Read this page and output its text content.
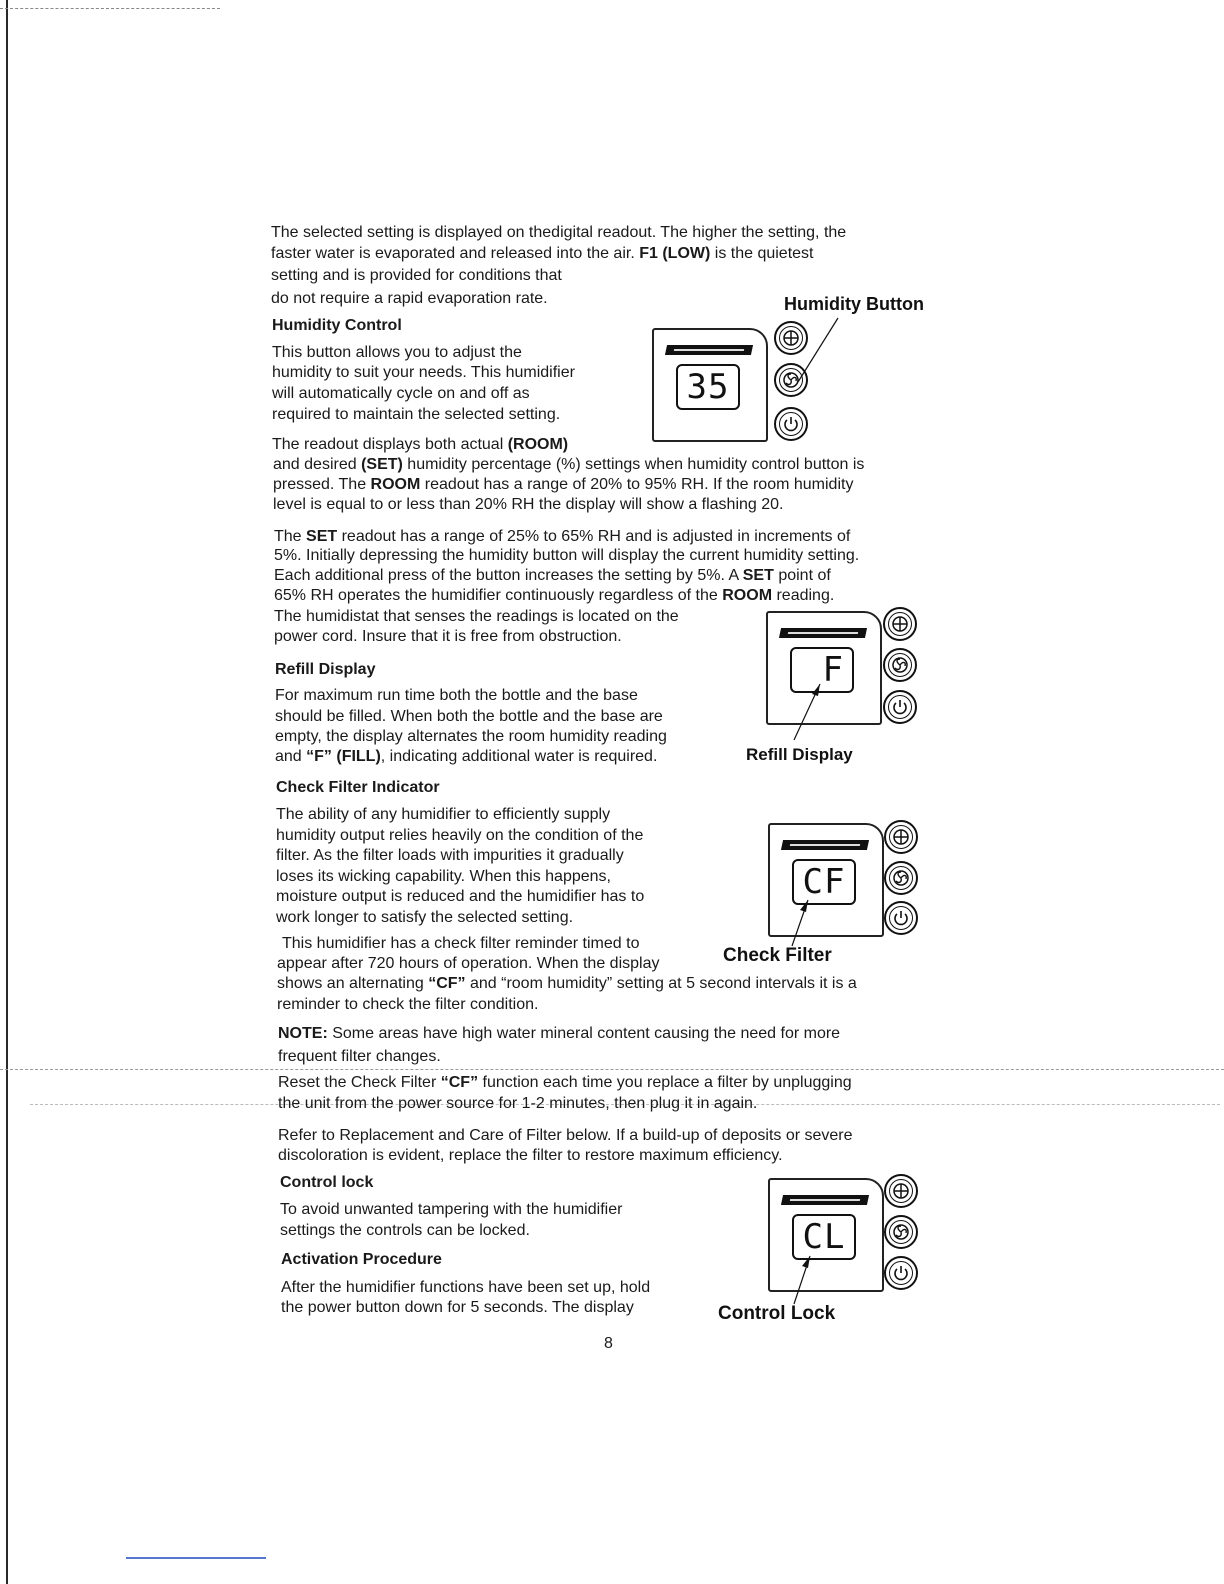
The selected setting is displayed on thedigital readout. The higher the setting, the

faster water is evaporated and released into the air. F1 (LOW) is the quietest

setting and is provided for conditions that

do not require a rapid evaporation rate.

Humidity Control

This button allows you to adjust the

humidity to suit your needs. This humidifier

will automatically cycle on and off as

required to maintain the selected setting.

The readout displays both actual (ROOM)

and desired (SET) humidity percentage (%) settings when humidity control button is

pressed. The ROOM readout has a range of 20% to 95% RH. If the room humidity

level is equal to or less than 20% RH the display will show a flashing 20.

The SET readout has a range of 25% to 65% RH and is adjusted in increments of

5%. Initially depressing the humidity button will display the current humidity setting.

Each additional press of the button increases the setting by 5%. A SET point of

65% RH operates the humidifier continuously regardless of the ROOM reading.

The humidistat that senses the readings is located on the

power cord. Insure that it is free from obstruction.

Refill Display

For maximum run time both the bottle and the base

should be filled. When both the bottle and the base are

empty, the display alternates the room humidity reading

and “F” (FILL), indicating additional water is required.

Check Filter Indicator

The ability of any humidifier to efficiently supply

humidity output relies heavily on the condition of the

filter. As the filter loads with impurities it gradually

loses its wicking capability. When this happens,

moisture output is reduced and the humidifier has to

work longer to satisfy the selected setting.

This humidifier has a check filter reminder timed to

appear after 720 hours of operation. When the display

shows an alternating “CF” and “room humidity” setting at 5 second intervals it is a

reminder to check the filter condition.

NOTE: Some areas have high water mineral content causing the need for more

frequent filter changes.

Reset the Check Filter “CF” function each time you replace a filter by unplugging

the unit from the power source for 1-2 minutes, then plug it in again.

Refer to Replacement and Care of Filter below. If a build-up of deposits or severe

discoloration is evident, replace the filter to restore maximum efficiency.

Control lock

To avoid unwanted tampering with the humidifier

settings the controls can be locked.

Activation Procedure

After the humidifier functions have been set up, hold

the power button down for 5 seconds. The display

8

Humidity Button

35
F

Refill Display

CF

Check Filter

CL

Control Lock
